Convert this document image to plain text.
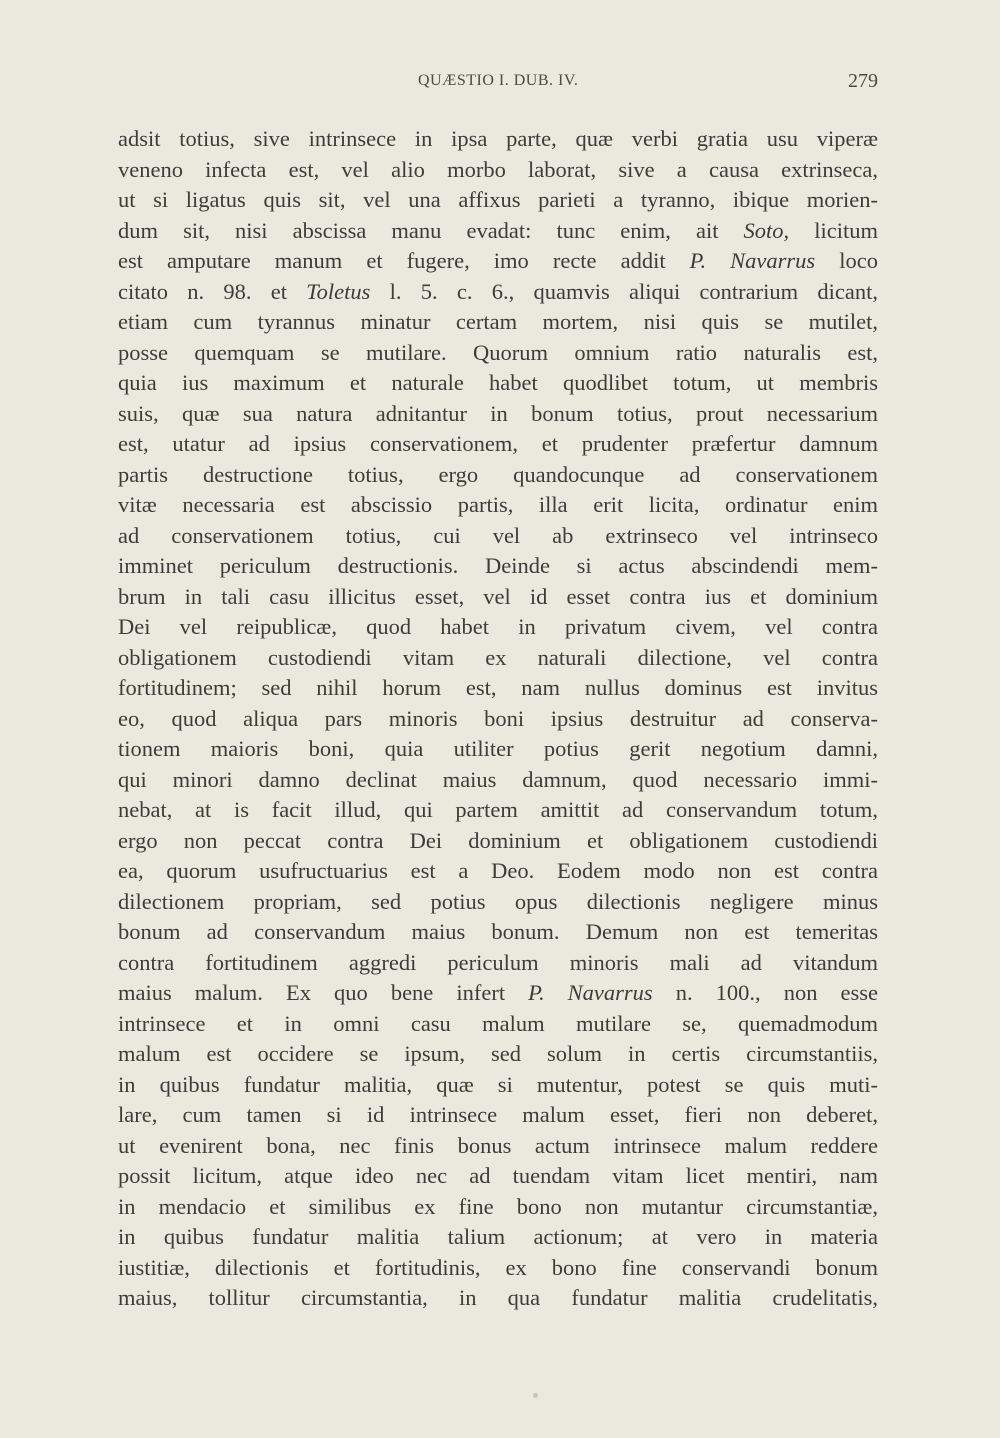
QUÆSTIO I. DUB. IV.	279
adsit totius, sive intrinsece in ipsa parte, quæ verbi gratia usu viperæ
veneno infecta est, vel alio morbo laborat, sive a causa extrinseca,
ut si ligatus quis sit, vel una affixus parieti a tyranno, ibique morien-
dum sit, nisi abscissa manu evadat: tunc enim, ait Soto, licitum
est amputare manum et fugere, imo recte addit P. Navarrus loco
citato n. 98. et Toletus l. 5. c. 6., quamvis aliqui contrarium dicant,
etiam cum tyrannus minatur certam mortem, nisi quis se mutilet,
posse quemquam se mutilare. Quorum omnium ratio naturalis est,
quia ius maximum et naturale habet quodlibet totum, ut membris
suis, quæ sua natura adnitantur in bonum totius, prout necessarium
est, utatur ad ipsius conservationem, et prudenter præfertur damnum
partis destructione totius, ergo quandocunque ad conservationem
vitæ necessaria est abscissio partis, illa erit licita, ordinatur enim
ad conservationem totius, cui vel ab extrinseco vel intrinseco
imminet periculum destructionis. Deinde si actus abscindendi mem-
brum in tali casu illicitus esset, vel id esset contra ius et dominium
Dei vel reipublicæ, quod habet in privatum civem, vel contra
obligationem custodiendi vitam ex naturali dilectione, vel contra
fortitudinem; sed nihil horum est, nam nullus dominus est invitus
eo, quod aliqua pars minoris boni ipsius destruitur ad conserva-
tionem maioris boni, quia utiliter potius gerit negotium damni,
qui minori damno declinat maius damnum, quod necessario immi-
nebat, at is facit illud, qui partem amittit ad conservandum totum,
ergo non peccat contra Dei dominium et obligationem custodiendi
ea, quorum usufructuarius est a Deo. Eodem modo non est contra
dilectionem propriam, sed potius opus dilectionis negligere minus
bonum ad conservandum maius bonum. Demum non est temeritas
contra fortitudinem aggredi periculum minoris mali ad vitandum
maius malum. Ex quo bene infert P. Navarrus n. 100., non esse
intrinsece et in omni casu malum mutilare se, quemadmodum
malum est occidere se ipsum, sed solum in certis circumstantiis,
in quibus fundatur malitia, quæ si mutentur, potest se quis muti-
lare, cum tamen si id intrinsece malum esset, fieri non deberet,
ut evenirent bona, nec finis bonus actum intrinsece malum reddere
possit licitum, atque ideo nec ad tuendam vitam licet mentiri, nam
in mendacio et similibus ex fine bono non mutantur circumstantiæ,
in quibus fundatur malitia talium actionum; at vero in materia
iustitiæ, dilectionis et fortitudinis, ex bono fine conservandi bonum
maius, tollitur circumstantia, in qua fundatur malitia crudelitatis,
